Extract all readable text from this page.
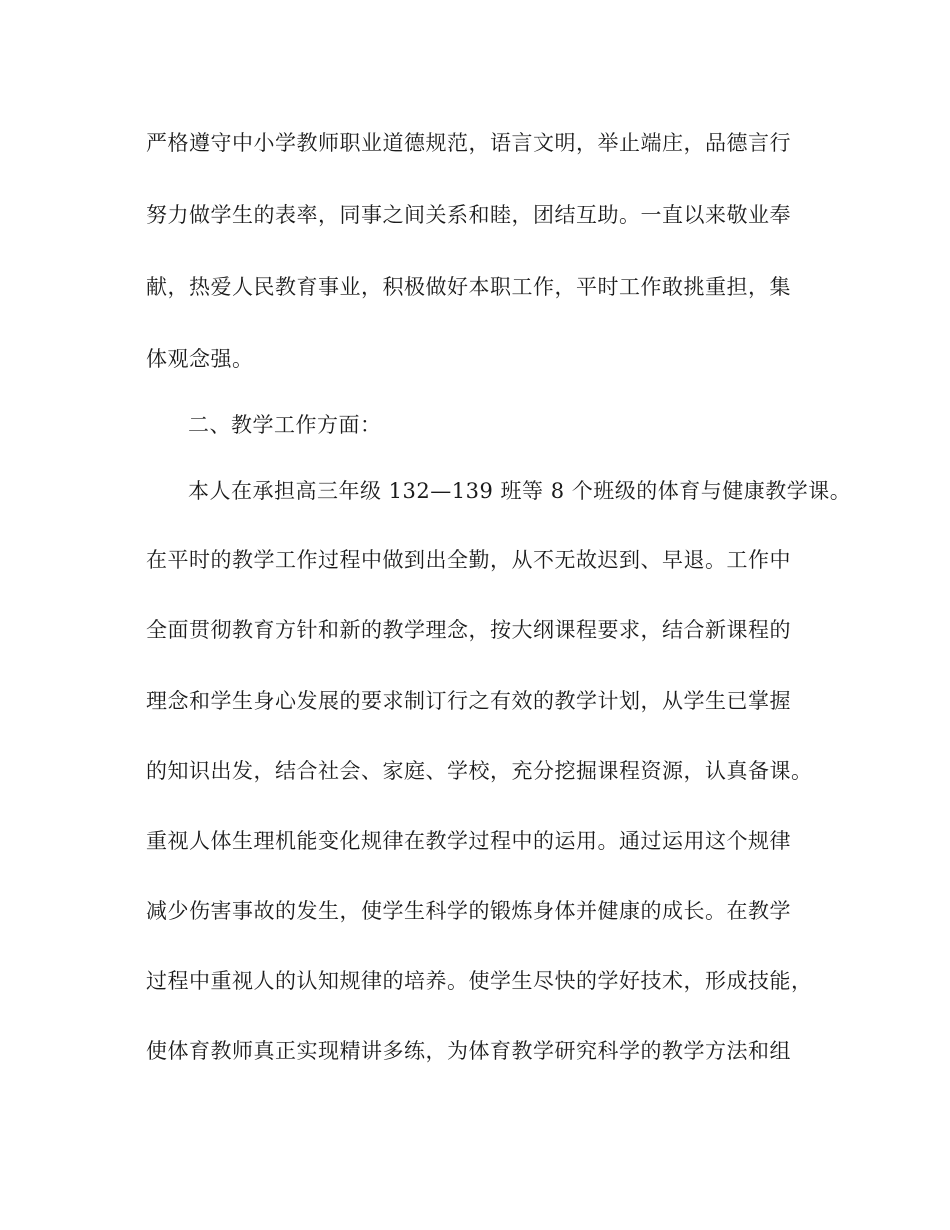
严格遵守中小学教师职业道德规范，语言文明，举止端庄，品德言行
努力做学生的表率，同事之间关系和睦，团结互助。一直以来敬业奉
献，热爱人民教育事业，积极做好本职工作，平时工作敢挑重担，集
体观念强。
二、教学工作方面：
本人在承担高三年级 132—139 班等 8 个班级的体育与健康教学课。
在平时的教学工作过程中做到出全勤，从不无故迟到、早退。工作中
全面贯彻教育方针和新的教学理念，按大纲课程要求，结合新课程的
理念和学生身心发展的要求制订行之有效的教学计划，从学生已掌握
的知识出发，结合社会、家庭、学校，充分挖掘课程资源，认真备课。
重视人体生理机能变化规律在教学过程中的运用。通过运用这个规律
减少伤害事故的发生，使学生科学的锻炼身体并健康的成长。在教学
过程中重视人的认知规律的培养。使学生尽快的学好技术，形成技能，
使体育教师真正实现精讲多练，为体育教学研究科学的教学方法和组
